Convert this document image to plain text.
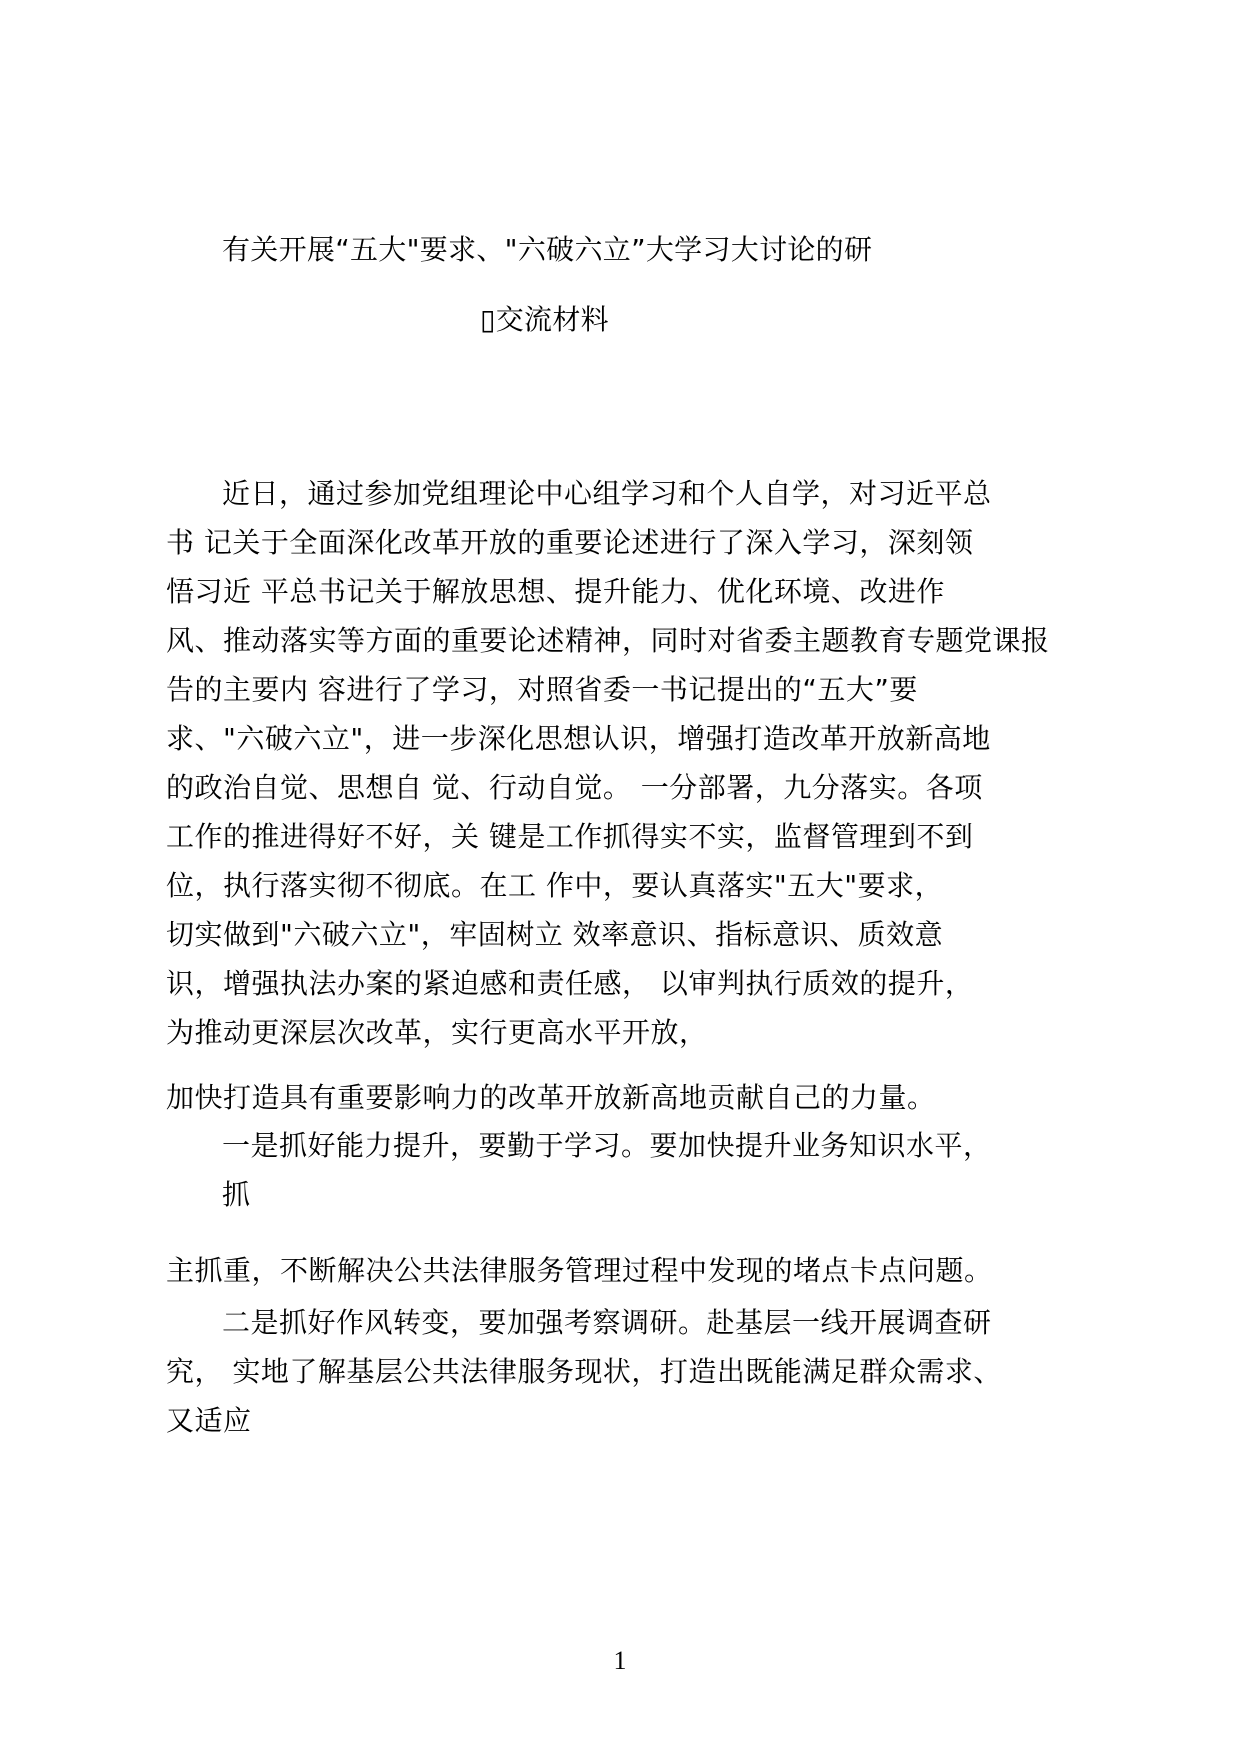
有关开展“五大"要求、"六破六立”大学习大讨论的研
▯交流材料
近日，通过参加党组理论中心组学习和个人自学，对习近平总
书 记关于全面深化改革开放的重要论述进行了深入学习，深刻领
悟习近 平总书记关于解放思想、提升能力、优化环境、改进作
风、推动落实等方面的重要论述精神，同时对省委主题教育专题党课报
告的主要内 容进行了学习，对照省委一书记提出的“五大”要
求、"六破六立"，进一步深化思想认识，增强打造改革开放新高地
的政治自觉、思想自 觉、行动自觉。 一分部署，九分落实。各项
工作的推进得好不好，关 键是工作抓得实不实，监督管理到不到
位，执行落实彻不彻底。在工 作中，要认真落实"五大"要求，
切实做到"六破六立"，牢固树立 效率意识、指标意识、质效意
识，增强执法办案的紧迫感和责任感， 以审判执行质效的提升，
为推动更深层次改革，实行更高水平开放，
加快打造具有重要影响力的改革开放新高地贡献自己的力量。
一是抓好能力提升，要勤于学习。要加快提升业务知识水平，
抓
主抓重，不断解决公共法律服务管理过程中发现的堵点卡点问题。
二是抓好作风转变，要加强考察调研。赴基层一线开展调查研
究， 实地了解基层公共法律服务现状，打造出既能满足群众需求、
又适应
1
